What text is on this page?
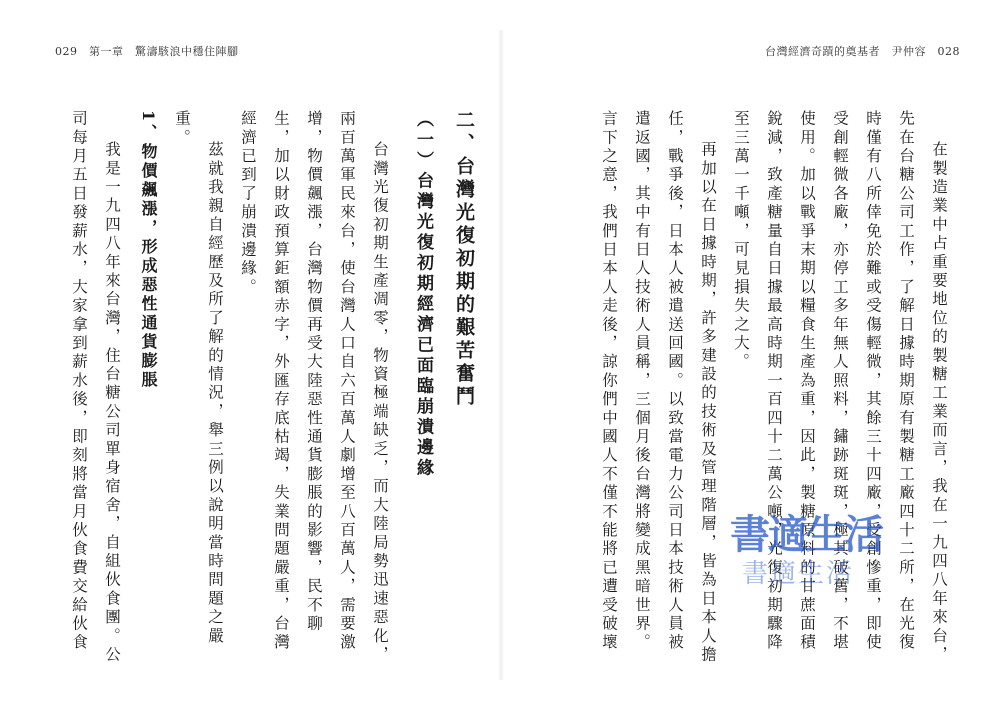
029　第一章　驚濤駭浪中穩住陣腳	台灣經濟奇蹟的奠基者　尹仲容　028

在製造業中占重要地位的製糖工業而言，我在一九四八年來台，先在台糖公司工作，了解日據時期原有製糖工廠四十二所，在光復時僅有八所倖免於難或受傷輕微，其餘三十四廠，受創慘重，即使受創輕微各廠，亦停工多年無人照料，鏽跡斑斑，極其破舊，不堪使用。加以戰爭末期以糧食生產為重，因此，製糖原料的甘蔗面積銳減，致產糖量自日據最高時期一百四十二萬公噸，光復初期驟降至三萬一千噸，可見損失之大。

再加以在日據時期，許多建設的技術及管理階層，皆為日本人擔任，戰爭後，日本人被遣送回國。以致當電力公司日本技術人員被遣返國，其中有日人技術人員稱，三個月後台灣將變成黑暗世界。言下之意，我們日本人走後，諒你們中國人不僅不能將已遭受破壞

二、台灣光復初期的艱苦奮鬥

（一）台灣光復初期經濟已面臨崩潰邊緣

台灣光復初期生產凋零，物資極端缺乏，而大陸局勢迅速惡化，兩百萬軍民來台，使台灣人口自六百萬人劇增至八百萬人，需要激增，物價飆漲，台灣物價再受大陸惡性通貨膨脹的影響，民不聊生，加以財政預算鉅額赤字，外匯存底枯竭，失業問題嚴重，台灣經濟已到了崩潰邊緣。

茲就我親自經歷及所了解的情況，舉三例以說明當時問題之嚴重。

1、物價飆漲，形成惡性通貨膨脹

我是一九四八年來台灣，住台糖公司單身宿舍，自組伙食團。公司每月五日發薪水，大家拿到薪水後，即刻將當月伙食費交給伙食

書適生活
書適生活
